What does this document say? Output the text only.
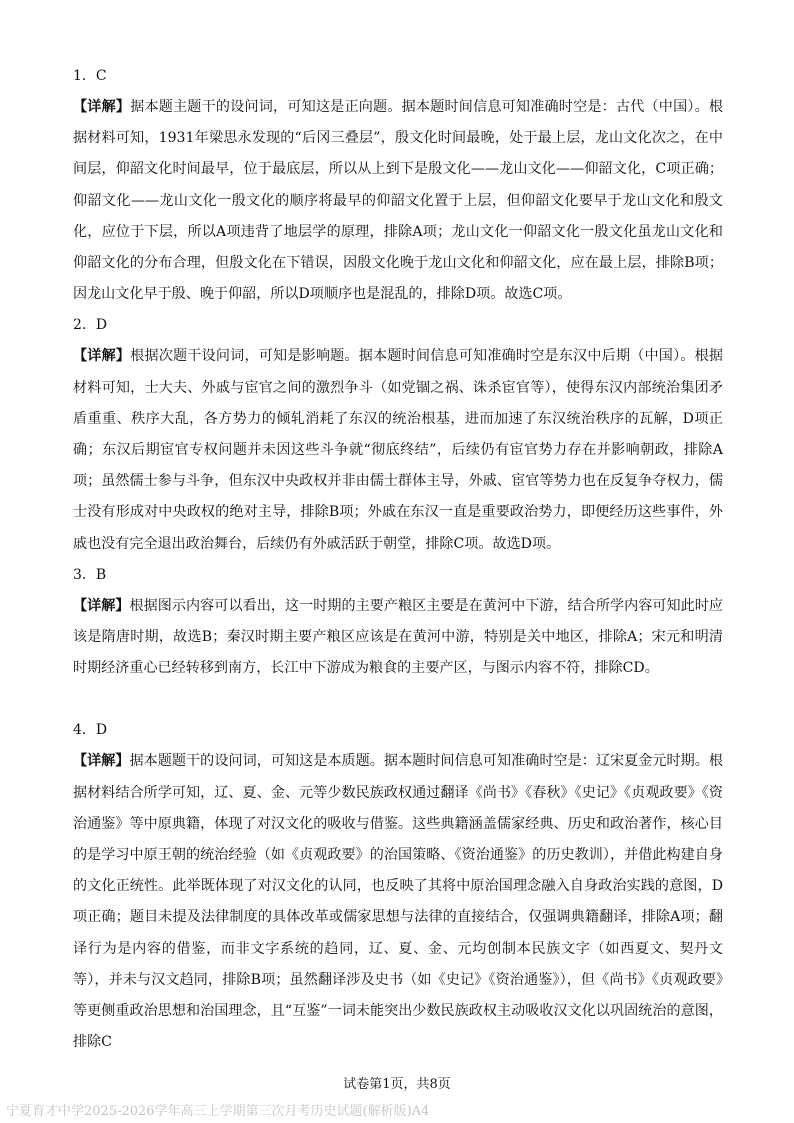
1．C

【详解】据本题主题干的设问词，可知这是正向题。据本题时间信息可知准确时空是：古代（中国）。根据材料可知，1931年梁思永发现的“后冈三叠层”，殷文化时间最晚，处于最上层，龙山文化次之，在中间层，仰韶文化时间最早，位于最底层，所以从上到下是殷文化——龙山文化——仰韶文化，C项正确；仰韶文化——龙山文化一殷文化的顺序将最早的仰韶文化置于上层，但仰韶文化要早于龙山文化和殷文化，应位于下层，所以A项违背了地层学的原理，排除A项；龙山文化一仰韶文化一殷文化虽龙山文化和仰韶文化的分布合理，但殷文化在下错误，因殷文化晚于龙山文化和仰韶文化，应在最上层，排除B项；因龙山文化早于殷、晚于仰韶，所以D项顺序也是混乱的，排除D项。故选C项。

2．D

【详解】根据次题干设问词，可知是影响题。据本题时间信息可知准确时空是东汉中后期（中国）。根据材料可知，士大夫、外戚与宦官之间的激烈争斗（如党锢之祸、诛杀宦官等），使得东汉内部统治集团矛盾重重、秩序大乱，各方势力的倾轧消耗了东汉的统治根基，进而加速了东汉统治秩序的瓦解，D项正确；东汉后期宦官专权问题并未因这些斗争就“彻底终结”，后续仍有宦官势力存在并影响朝政，排除A项；虽然儒士参与斗争，但东汉中央政权并非由儒士群体主导，外戚、宦官等势力也在反复争夺权力，儒士没有形成对中央政权的绝对主导，排除B项；外戚在东汉一直是重要政治势力，即便经历这些事件，外戚也没有完全退出政治舞台，后续仍有外戚活跃于朝堂，排除C项。故选D项。

3．B

【详解】根据图示内容可以看出，这一时期的主要产粮区主要是在黄河中下游，结合所学内容可知此时应该是隋唐时期，故选B；秦汉时期主要产粮区应该是在黄河中游，特别是关中地区，排除A；宋元和明清时期经济重心已经转移到南方，长江中下游成为粮食的主要产区，与图示内容不符，排除CD。

4．D

【详解】据本题题干的设问词，可知这是本质题。据本题时间信息可知准确时空是：辽宋夏金元时期。根据材料结合所学可知，辽、夏、金、元等少数民族政权通过翻译《尚书》《春秋》《史记》《贞观政要》《资治通鉴》等中原典籍，体现了对汉文化的吸收与借鉴。这些典籍涵盖儒家经典、历史和政治著作，核心目的是学习中原王朝的统治经验（如《贞观政要》的治国策略、《资治通鉴》的历史教训），并借此构建自身的文化正统性。此举既体现了对汉文化的认同，也反映了其将中原治国理念融入自身政治实践的意图，D项正确；题目未提及法律制度的具体改革或儒家思想与法律的直接结合，仅强调典籍翻译，排除A项；翻译行为是内容的借鉴，而非文字系统的趋同，辽、夏、金、元均创制本民族文字（如西夏文、契丹文等），并未与汉文趋同，排除B项；虽然翻译涉及史书（如《史记》《资治通鉴》），但《尚书》《贞观政要》等更侧重政治思想和治国理念，且“互鉴”一词未能突出少数民族政权主动吸收汉文化以巩固统治的意图，排除C

试卷第1页，共8页
宁夏育才中学2025-2026学年高三上学期第三次月考历史试题(解析版)A4
